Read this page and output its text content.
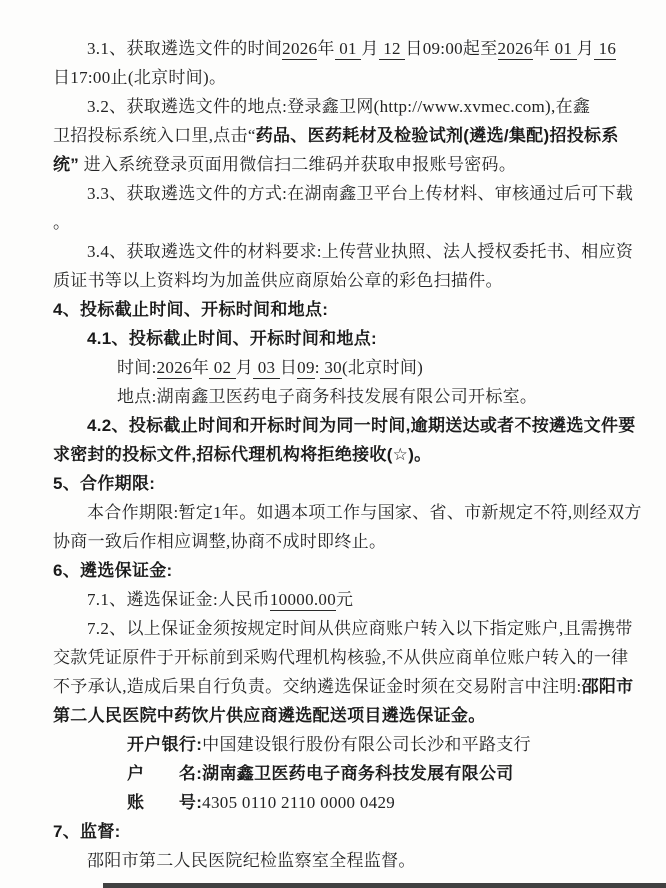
3.1、获取遴选文件的时间2026年 01 月 12 日09:00起至2026年 01 月 16
日17:00止(北京时间)。
3.2、获取遴选文件的地点:登录鑫卫网(http://www.xvmec.com),在鑫
卫招投标系统入口里,点击“药品、医药耗材及检验试剂(遴选/集配)招投标系
统” 进入系统登录页面用微信扫二维码并获取申报账号密码。
3.3、获取遴选文件的方式:在湖南鑫卫平台上传材料、审核通过后可下载
。
3.4、获取遴选文件的材料要求:上传营业执照、法人授权委托书、相应资
质证书等以上资料均为加盖供应商原始公章的彩色扫描件。
4、投标截止时间、开标时间和地点:
4.1、投标截止时间、开标时间和地点:
时间:2026年 02 月 03 日09: 30(北京时间)
地点:湖南鑫卫医药电子商务科技发展有限公司开标室。
4.2、投标截止时间和开标时间为同一时间,逾期送达或者不按遴选文件要
求密封的投标文件,招标代理机构将拒绝接收(☆)。
5、合作期限:
本合作期限:暂定1年。如遇本项工作与国家、省、市新规定不符,则经双方
协商一致后作相应调整,协商不成时即终止。
6、遴选保证金:
7.1、遴选保证金:人民币10000.00元
7.2、以上保证金须按规定时间从供应商账户转入以下指定账户,且需携带
交款凭证原件于开标前到采购代理机构核验,不从供应商单位账户转入的一律
不予承认,造成后果自行负责。交纳遴选保证金时须在交易附言中注明:邵阳市
第二人民医院中药饮片供应商遴选配送项目遴选保证金。
开户银行:中国建设银行股份有限公司长沙和平路支行
户　　名:湖南鑫卫医药电子商务科技发展有限公司
账　　号:4305 0110 2110 0000 0429
7、监督:
邵阳市第二人民医院纪检监察室全程监督。
